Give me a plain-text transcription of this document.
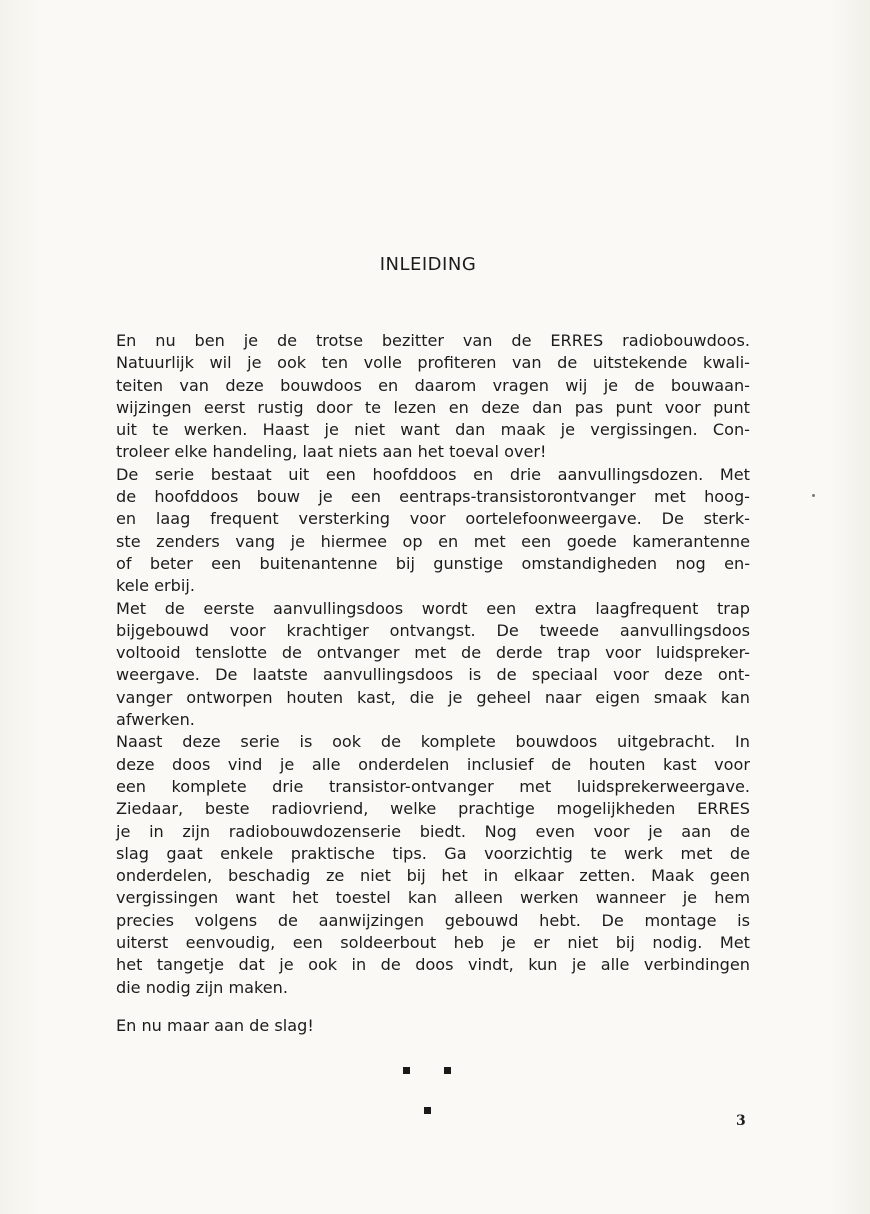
INLEIDING
En nu ben je de trotse bezitter van de ERRES radiobouwdoos.
Natuurlijk wil je ook ten volle profiteren van de uitstekende kwali-
teiten van deze bouwdoos en daarom vragen wij je de bouwaan-
wijzingen eerst rustig door te lezen en deze dan pas punt voor punt
uit te werken. Haast je niet want dan maak je vergissingen. Con-
troleer elke handeling, laat niets aan het toeval over!
De serie bestaat uit een hoofddoos en drie aanvullingsdozen. Met
de hoofddoos bouw je een eentraps-transistorontvanger met hoog-
en laag frequent versterking voor oortelefoonweergave. De sterk-
ste zenders vang je hiermee op en met een goede kamerantenne
of beter een buitenantenne bij gunstige omstandigheden nog en-
kele erbij.
Met de eerste aanvullingsdoos wordt een extra laagfrequent trap
bijgebouwd voor krachtiger ontvangst. De tweede aanvullingsdoos
voltooid tenslotte de ontvanger met de derde trap voor luidspreker-
weergave. De laatste aanvullingsdoos is de speciaal voor deze ont-
vanger ontworpen houten kast, die je geheel naar eigen smaak kan
afwerken.
Naast deze serie is ook de komplete bouwdoos uitgebracht. In
deze doos vind je alle onderdelen inclusief de houten kast voor
een komplete drie transistor-ontvanger met luidsprekerweergave.
Ziedaar, beste radiovriend, welke prachtige mogelijkheden ERRES
je in zijn radiobouwdozenserie biedt. Nog even voor je aan de
slag gaat enkele praktische tips. Ga voorzichtig te werk met de
onderdelen, beschadig ze niet bij het in elkaar zetten. Maak geen
vergissingen want het toestel kan alleen werken wanneer je hem
precies volgens de aanwijzingen gebouwd hebt. De montage is
uiterst eenvoudig, een soldeerbout heb je er niet bij nodig. Met
het tangetje dat je ook in de doos vindt, kun je alle verbindingen
die nodig zijn maken.
En nu maar aan de slag!
3
